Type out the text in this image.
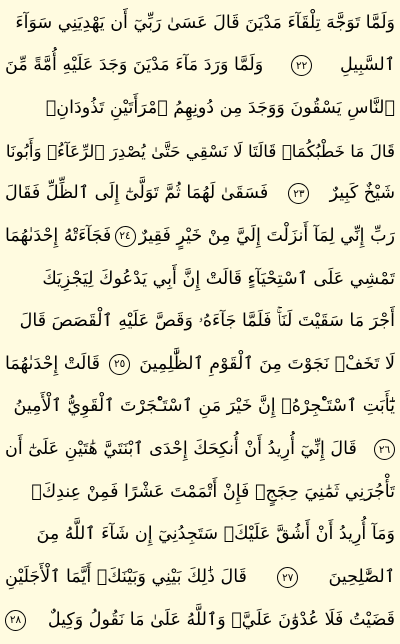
وَلَمَّا تَوَجَّهَ تِلْقَآءَ مَدْيَنَ قَالَ عَسَىٰ رَبِّيٓ أَن يَهْدِيَنِي سَوَآءَ
ٱلسَّبِيلِ
٢٢
وَلَمَّا وَرَدَ مَآءَ مَدْيَنَ وَجَدَ عَلَيْهِ أُمَّةً مِّنَ
ٱلنَّاسِ يَسْقُونَ وَوَجَدَ مِن دُونِهِمُ ٱمْرَأَتَيْنِ تَذُودَانِۖ
قَالَ مَا خَطْبُكُمَاۖ قَالَتَا لَا نَسْقِي حَتَّىٰ يُصْدِرَ ٱلرِّعَآءُۖ وَأَبُونَا
شَيْخٌ كَبِيرٌ
٢٣
فَسَقَىٰ لَهُمَا ثُمَّ تَوَلَّىٰٓ إِلَى ٱلظِّلِّ فَقَالَ
رَبِّ إِنِّي لِمَآ أَنزَلْتَ إِلَيَّ مِنْ خَيْرٍ فَقِيرٌ
٢٤
فَجَآءَتْهُ إِحْدَىٰهُمَا
تَمْشِي عَلَى ٱسْتِحْيَآءٍ قَالَتْ إِنَّ أَبِي يَدْعُوكَ لِيَجْزِيَكَ
أَجْرَ مَا سَقَيْتَ لَنَاۚ فَلَمَّا جَآءَهُۥ وَقَصَّ عَلَيْهِ ٱلْقَصَصَ قَالَ
لَا تَخَفْۖ نَجَوْتَ مِنَ ٱلْقَوْمِ ٱلظَّٰلِمِينَ
٢٥
قَالَتْ إِحْدَىٰهُمَا
يَٰٓأَبَتِ ٱسْتَـْٔجِرْهُۖ إِنَّ خَيْرَ مَنِ ٱسْتَـْٔجَرْتَ ٱلْقَوِيُّ ٱلْأَمِينُ
٢٦
قَالَ إِنِّيٓ أُرِيدُ أَنْ أُنكِحَكَ إِحْدَى ٱبْنَتَيَّ هَٰتَيْنِ عَلَىٰٓ أَن
تَأْجُرَنِي ثَمَٰنِيَ حِجَجٍۖ فَإِنْ أَتْمَمْتَ عَشْرًا فَمِنْ عِندِكَۖ
وَمَآ أُرِيدُ أَنْ أَشُقَّ عَلَيْكَۚ سَتَجِدُنِيٓ إِن شَآءَ ٱللَّهُ مِنَ
ٱلصَّٰلِحِينَ
٢٧
قَالَ ذَٰلِكَ بَيْنِي وَبَيْنَكَۖ أَيَّمَا ٱلْأَجَلَيْنِ
قَضَيْتُ فَلَا عُدْوَٰنَ عَلَيَّۖ وَٱللَّهُ عَلَىٰ مَا نَقُولُ وَكِيلٌ
٢٨
